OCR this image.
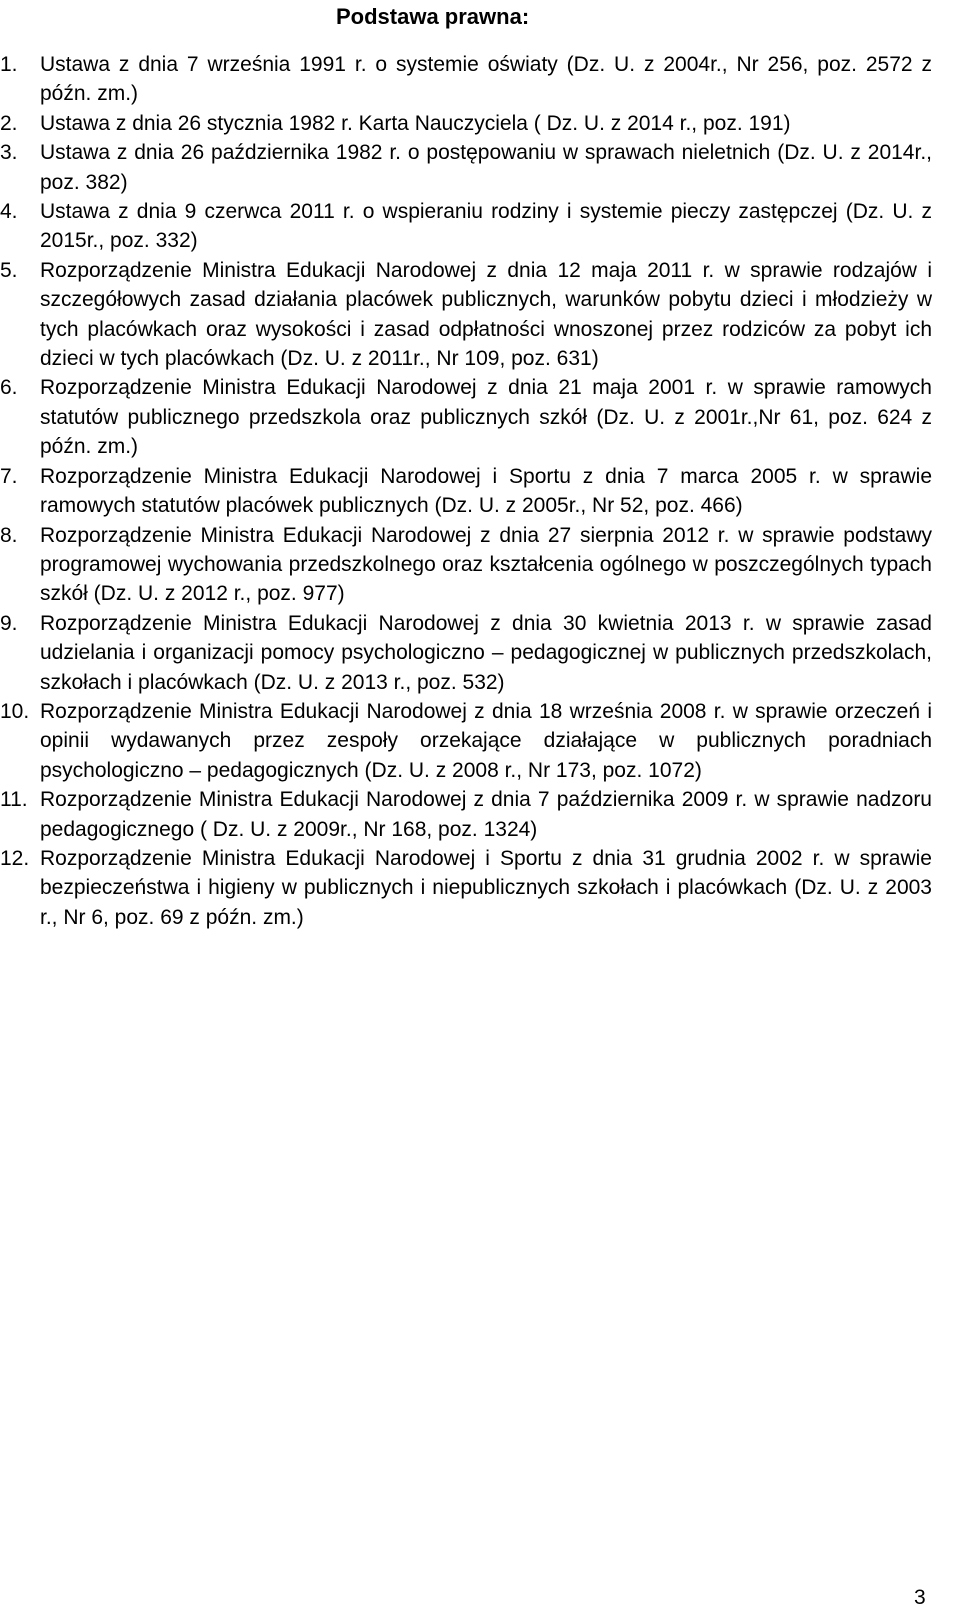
Podstawa prawna:
1.	Ustawa z dnia 7 września 1991 r. o systemie oświaty (Dz. U. z 2004r., Nr 256, poz. 2572 z późn. zm.)
2.	Ustawa z dnia 26 stycznia 1982 r. Karta Nauczyciela ( Dz. U. z 2014 r., poz. 191)
3.	Ustawa z dnia 26 października 1982 r. o postępowaniu w sprawach nieletnich (Dz. U. z 2014r., poz. 382)
4.	Ustawa z dnia 9 czerwca 2011 r. o wspieraniu rodziny i systemie pieczy zastępczej (Dz. U. z 2015r., poz. 332)
5.	Rozporządzenie Ministra Edukacji Narodowej z dnia 12 maja 2011 r. w sprawie rodzajów i szczegółowych zasad działania placówek publicznych, warunków pobytu dzieci i młodzieży w tych placówkach oraz wysokości i zasad odpłatności wnoszonej przez rodziców za pobyt ich dzieci w tych placówkach (Dz. U. z 2011r., Nr 109, poz. 631)
6.	Rozporządzenie Ministra Edukacji Narodowej z dnia 21 maja 2001 r. w sprawie ramowych statutów publicznego przedszkola oraz publicznych szkół (Dz. U. z 2001r.,Nr 61, poz. 624 z późn. zm.)
7.	Rozporządzenie Ministra Edukacji Narodowej i Sportu z dnia 7 marca 2005 r. w sprawie ramowych statutów placówek publicznych (Dz. U. z 2005r., Nr 52, poz. 466)
8.	Rozporządzenie Ministra Edukacji Narodowej z dnia 27 sierpnia 2012 r. w sprawie podstawy programowej wychowania przedszkolnego oraz kształcenia ogólnego w poszczególnych typach szkół (Dz. U. z 2012 r., poz. 977)
9.	Rozporządzenie Ministra Edukacji Narodowej z dnia 30 kwietnia 2013 r. w sprawie zasad udzielania i organizacji pomocy psychologiczno – pedagogicznej w publicznych przedszkolach, szkołach i placówkach (Dz. U. z 2013 r., poz. 532)
10. Rozporządzenie Ministra Edukacji Narodowej z dnia 18 września 2008 r. w sprawie orzeczeń i opinii wydawanych przez zespoły orzekające działające w publicznych poradniach psychologiczno – pedagogicznych (Dz. U. z 2008 r., Nr 173, poz. 1072)
11. Rozporządzenie Ministra Edukacji Narodowej z dnia 7 października 2009 r. w sprawie nadzoru pedagogicznego ( Dz. U. z 2009r., Nr 168, poz. 1324)
12. Rozporządzenie Ministra Edukacji Narodowej i Sportu z dnia 31 grudnia 2002 r. w sprawie bezpieczeństwa i higieny w publicznych i niepublicznych szkołach i placówkach (Dz. U. z 2003 r., Nr 6, poz. 69 z późn. zm.)
3
